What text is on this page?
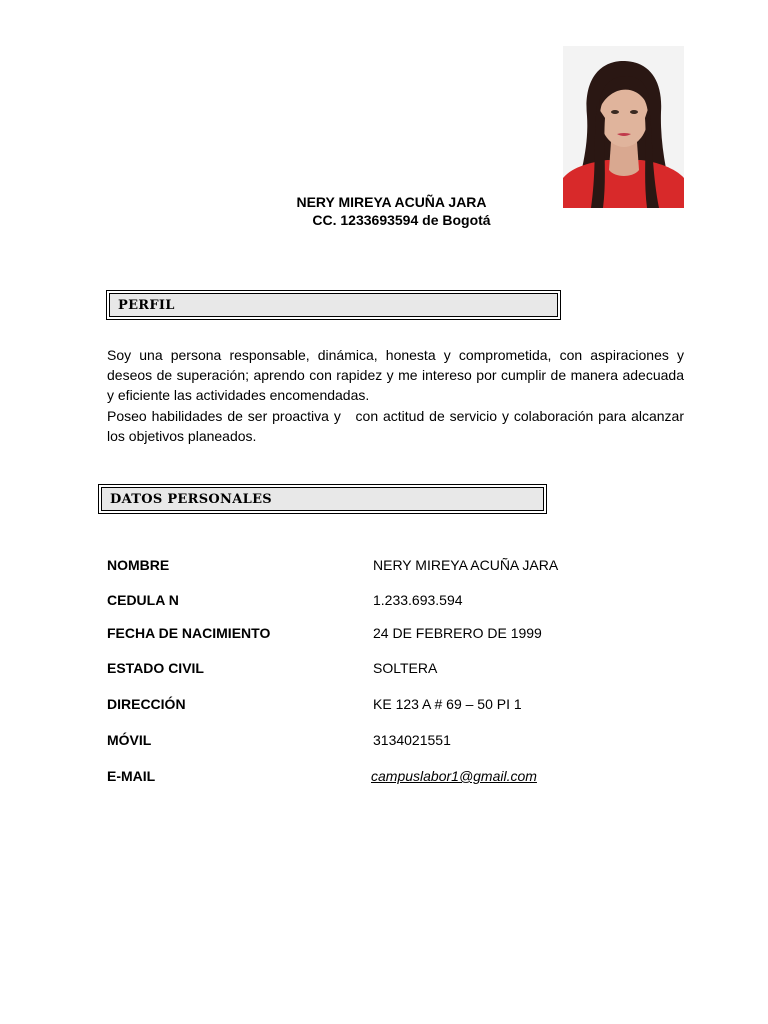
NERY MIREYA ACUÑA JARA
CC. 1233693594 de Bogotá
PERFIL

Soy una persona responsable, dinámica, honesta y comprometida, con aspiraciones y deseos de superación; aprendo con rapidez y me intereso por cumplir de manera adecuada y eficiente las actividades encomendadas.

Poseo habilidades de ser proactiva y   con actitud de servicio y colaboración para alcanzar los objetivos planeados.

DATOS PERSONALES
NOMBRE	NERY MIREYA ACUÑA JARA
CEDULA N	1.233.693.594
FECHA DE NACIMIENTO	24 DE FEBRERO DE 1999
ESTADO CIVIL	SOLTERA
DIRECCIÓN	KE 123 A # 69 – 50 PI 1
MÓVIL	3134021551
E-MAIL	campuslabor1@gmail.com
